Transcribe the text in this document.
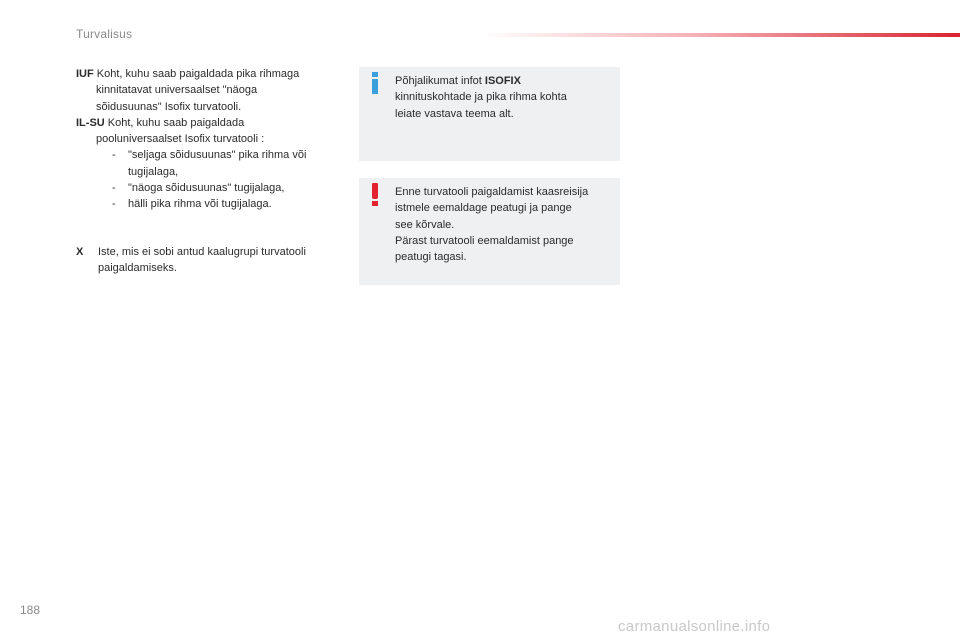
Turvalisus
IUF Koht, kuhu saab paigaldada pika rihmaga
kinnitatavat universaalset "näoga
sõidusuunas" Isofix turvatooli.
IL-SU Koht, kuhu saab paigaldada
pooluniversaalset Isofix turvatooli :
- "seljaga sõidusuunas" pika rihma või
tugijalaga,
- "näoga sõidusuunas" tugijalaga,
- hälli pika rihma või tugijalaga.
X	Iste, mis ei sobi antud kaalugrupi turvatooli
paigaldamiseks.
Põhjalikumat infot ISOFIX
kinnituskohtade ja pika rihma kohta
leiate vastava teema alt.
Enne turvatooli paigaldamist kaasreisija
istmele eemaldage peatugi ja pange
see kõrvale.
Pärast turvatooli eemaldamist pange
peatugi tagasi.
188
carmanualsonline.info
